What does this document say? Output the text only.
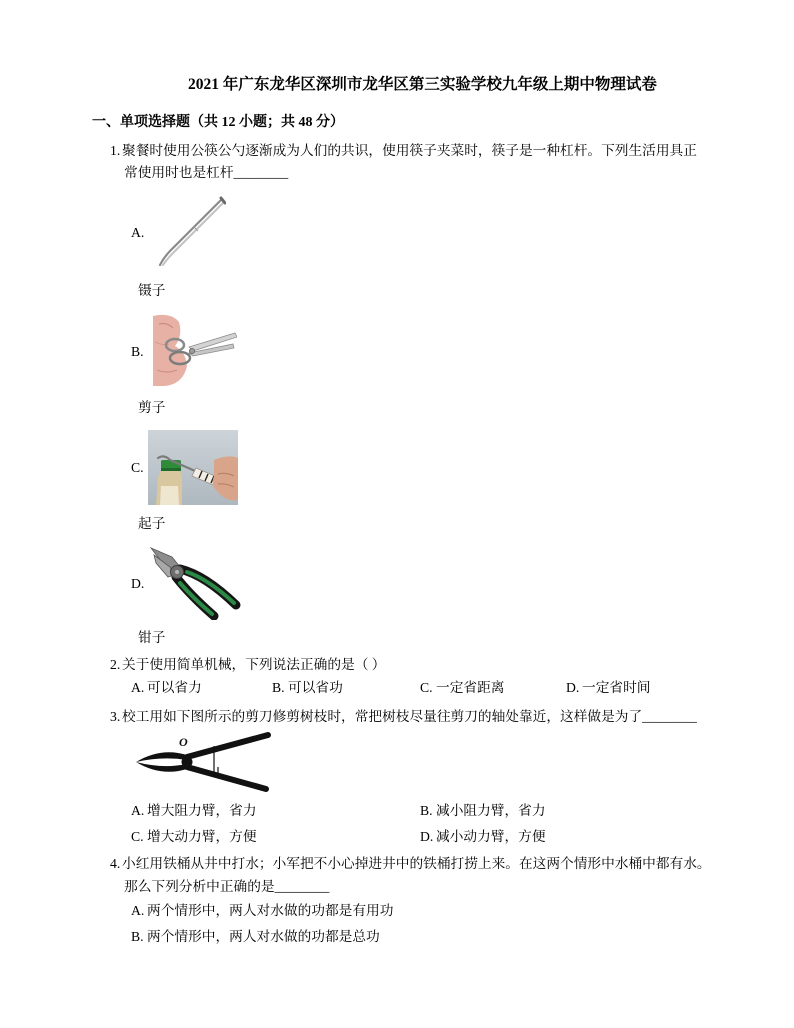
2021 年广东龙华区深圳市龙华区第三实验学校九年级上期中物理试卷
一、单项选择题（共 12 小题；共 48 分）
1. 聚餐时使用公筷公勺逐渐成为人们的共识，使用筷子夹菜时，筷子是一种杠杆。下列生活用具正
常使用时也是杠杆________
A.
镊子
B.
剪子
C.
起子
D.
钳子
2. 关于使用简单机械，下列说法正确的是（ ）
A. 可以省力	B. 可以省功	C. 一定省距离	D. 一定省时间
3. 校工用如下图所示的剪刀修剪树枝时，常把树枝尽量往剪刀的轴处靠近，这样做是为了________
O
A. 增大阻力臂，省力	B. 减小阻力臂，省力
C. 增大动力臂，方便	D. 减小动力臂，方便
4. 小红用铁桶从井中打水；小军把不小心掉进井中的铁桶打捞上来。在这两个情形中水桶中都有水。
那么下列分析中正确的是________
A. 两个情形中，两人对水做的功都是有用功
B. 两个情形中，两人对水做的功都是总功
